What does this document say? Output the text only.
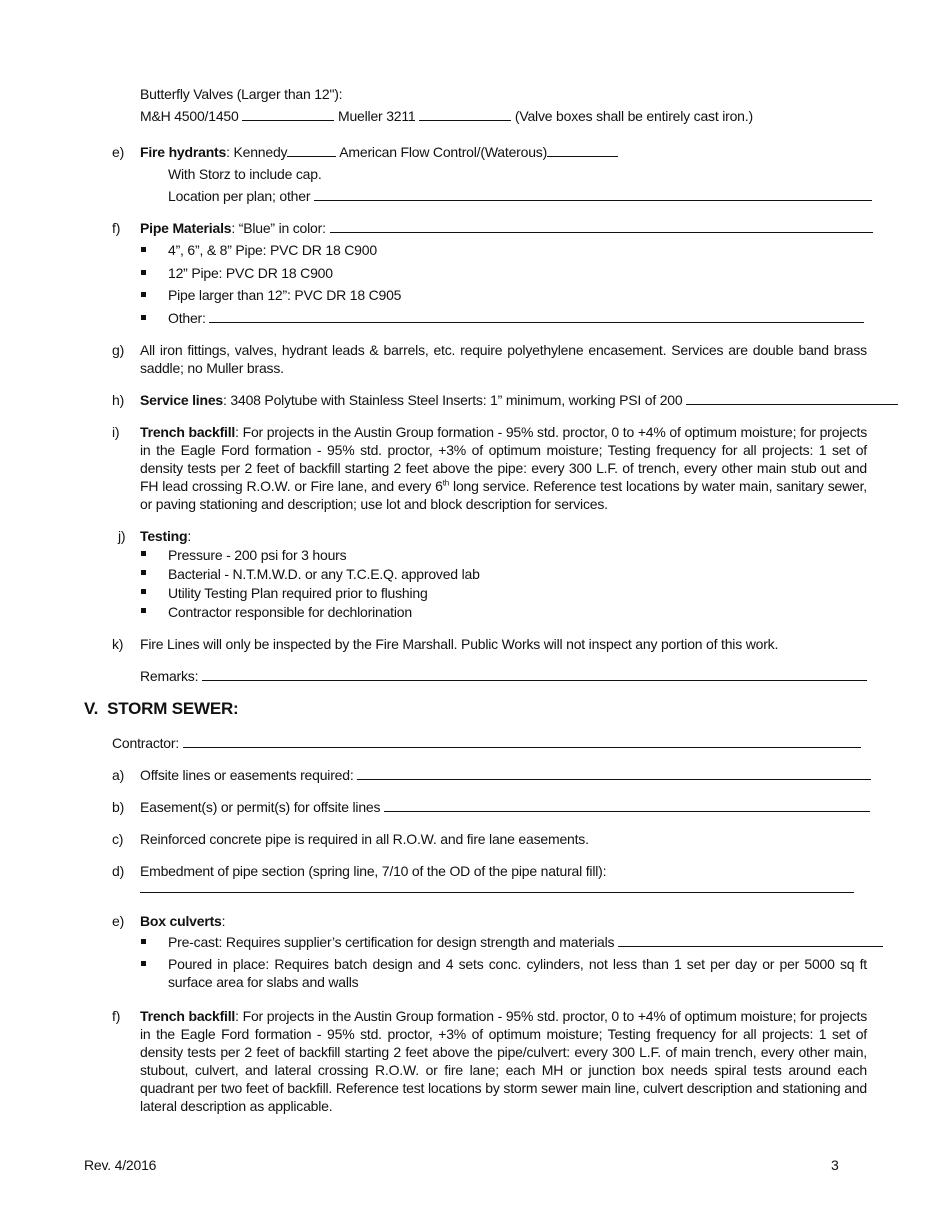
Butterfly Valves (Larger than 12"):
M&H 4500/1450	Mueller 3211	(Valve boxes shall be entirely cast iron.)
e) Fire hydrants: Kennedy	American Flow Control/(Waterous)
With Storz to include cap.
Location per plan; other
f) Pipe Materials: “Blue” in color:
4”, 6”, & 8” Pipe: PVC DR 18 C900
12” Pipe: PVC DR 18 C900
Pipe larger than 12”: PVC DR 18 C905
Other:
g) All iron fittings, valves, hydrant leads & barrels, etc. require polyethylene encasement. Services are double band brass saddle; no Muller brass.
h) Service lines: 3408 Polytube with Stainless Steel Inserts: 1” minimum, working PSI of 200
i) Trench backfill: For projects in the Austin Group formation - 95% std. proctor, 0 to +4% of optimum moisture; for projects in the Eagle Ford formation - 95% std. proctor, +3% of optimum moisture; Testing frequency for all projects: 1 set of density tests per 2 feet of backfill starting 2 feet above the pipe: every 300 L.F. of trench, every other main stub out and FH lead crossing R.O.W. or Fire lane, and every 6th long service. Reference test locations by water main, sanitary sewer, or paving stationing and description; use lot and block description for services.
j) Testing:
Pressure - 200 psi for 3 hours
Bacterial - N.T.M.W.D. or any T.C.E.Q. approved lab
Utility Testing Plan required prior to flushing
Contractor responsible for dechlorination
k) Fire Lines will only be inspected by the Fire Marshall. Public Works will not inspect any portion of this work.
Remarks:
V. STORM SEWER:
Contractor:
a) Offsite lines or easements required:
b) Easement(s) or permit(s) for offsite lines
c) Reinforced concrete pipe is required in all R.O.W. and fire lane easements.
d) Embedment of pipe section (spring line, 7/10 of the OD of the pipe natural fill):
e) Box culverts:
Pre-cast: Requires supplier’s certification for design strength and materials
Poured in place: Requires batch design and 4 sets conc. cylinders, not less than 1 set per day or per 5000 sq ft surface area for slabs and walls
f) Trench backfill: For projects in the Austin Group formation - 95% std. proctor, 0 to +4% of optimum moisture; for projects in the Eagle Ford formation - 95% std. proctor, +3% of optimum moisture; Testing frequency for all projects: 1 set of density tests per 2 feet of backfill starting 2 feet above the pipe/culvert: every 300 L.F. of main trench, every other main, stubout, culvert, and lateral crossing R.O.W. or fire lane; each MH or junction box needs spiral tests around each quadrant per two feet of backfill. Reference test locations by storm sewer main line, culvert description and stationing and lateral description as applicable.
Rev. 4/2016	3
